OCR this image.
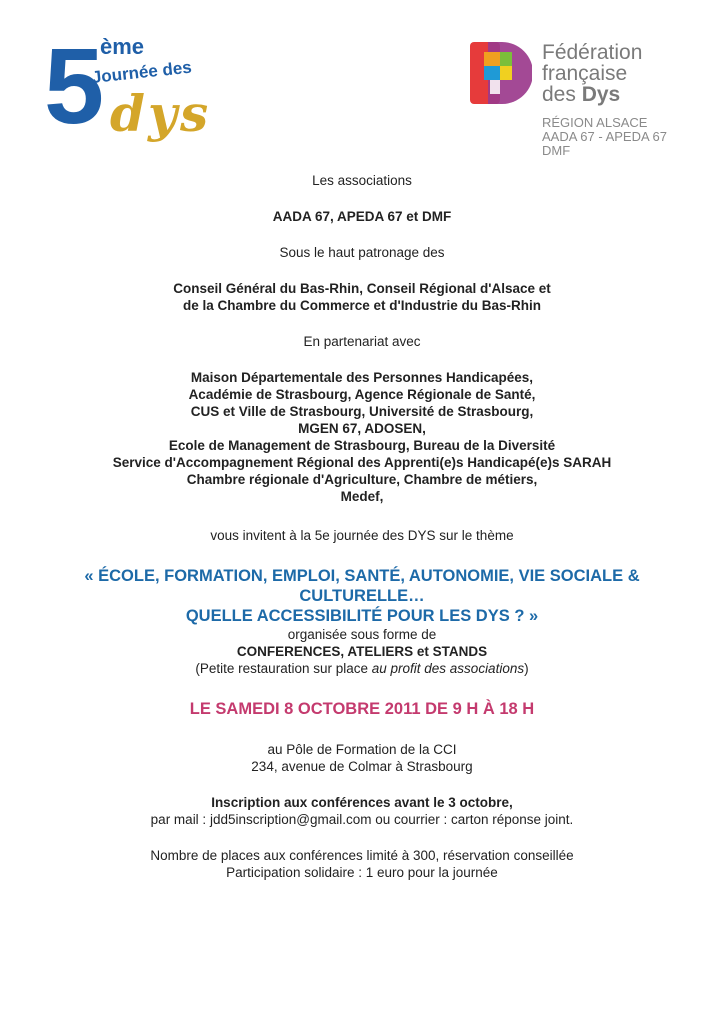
5
ème
Journée des
dys
Fédération
française
des Dys
RÉGION ALSACE
AADA 67 - APEDA 67
DMF

Les associations

AADA 67, APEDA 67 et DMF

Sous le haut patronage des

Conseil Général du Bas-Rhin, Conseil Régional d'Alsace et

de la Chambre du Commerce et d'Industrie du Bas-Rhin

En partenariat avec

Maison Départementale des Personnes Handicapées,

Académie de Strasbourg, Agence Régionale de Santé,

CUS et Ville de Strasbourg, Université de Strasbourg,

MGEN 67, ADOSEN,

Ecole de Management de Strasbourg, Bureau de la Diversité

Service d'Accompagnement Régional des Apprenti(e)s Handicapé(e)s SARAH

Chambre régionale d'Agriculture, Chambre de métiers,

Medef,

vous invitent à la 5e journée des DYS sur le thème

« ÉCOLE, FORMATION, EMPLOI, SANTÉ, AUTONOMIE, VIE SOCIALE &

CULTURELLE…

QUELLE ACCESSIBILITÉ POUR LES DYS ? »

organisée sous forme de

CONFERENCES, ATELIERS et STANDS

(Petite restauration sur place au profit des associations)

LE SAMEDI 8 OCTOBRE 2011 DE 9 H À 18 H

au Pôle de Formation de la CCI

234, avenue de Colmar à Strasbourg

Inscription aux conférences avant le 3 octobre,

par mail : jdd5inscription@gmail.com ou courrier : carton réponse joint.

Nombre de places aux conférences limité à 300, réservation conseillée

Participation solidaire : 1 euro pour la journée
